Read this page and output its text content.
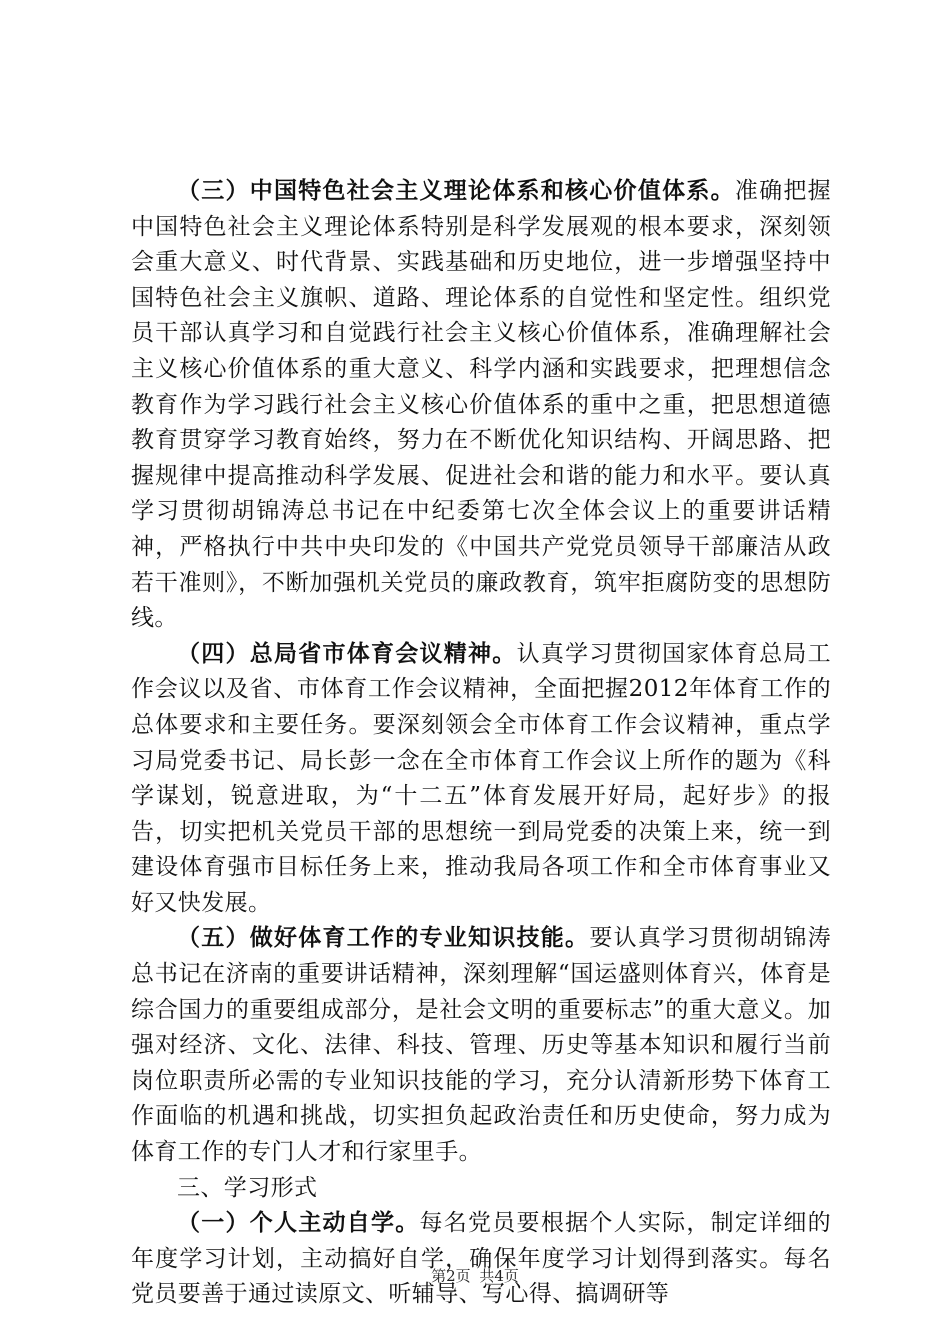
（三）中国特色社会主义理论体系和核心价值体系。准确把握中国特色社会主义理论体系特别是科学发展观的根本要求，深刻领会重大意义、时代背景、实践基础和历史地位，进一步增强坚持中国特色社会主义旗帜、道路、理论体系的自觉性和坚定性。组织党员干部认真学习和自觉践行社会主义核心价值体系，准确理解社会主义核心价值体系的重大意义、科学内涵和实践要求，把理想信念教育作为学习践行社会主义核心价值体系的重中之重，把思想道德教育贯穿学习教育始终，努力在不断优化知识结构、开阔思路、把握规律中提高推动科学发展、促进社会和谐的能力和水平。要认真学习贯彻胡锦涛总书记在中纪委第七次全体会议上的重要讲话精神，严格执行中共中央印发的《中国共产党党员领导干部廉洁从政若干准则》，不断加强机关党员的廉政教育，筑牢拒腐防变的思想防线。

（四）总局省市体育会议精神。认真学习贯彻国家体育总局工作会议以及省、市体育工作会议精神，全面把握2012年体育工作的总体要求和主要任务。要深刻领会全市体育工作会议精神，重点学习局党委书记、局长彭一念在全市体育工作会议上所作的题为《科学谋划，锐意进取，为“十二五”体育发展开好局，起好步》的报告，切实把机关党员干部的思想统一到局党委的决策上来，统一到建设体育强市目标任务上来，推动我局各项工作和全市体育事业又好又快发展。

（五）做好体育工作的专业知识技能。要认真学习贯彻胡锦涛总书记在济南的重要讲话精神，深刻理解“国运盛则体育兴，体育是综合国力的重要组成部分，是社会文明的重要标志”的重大意义。加强对经济、文化、法律、科技、管理、历史等基本知识和履行当前岗位职责所必需的专业知识技能的学习，充分认清新形势下体育工作面临的机遇和挑战，切实担负起政治责任和历史使命，努力成为体育工作的专门人才和行家里手。

三、学习形式

（一）个人主动自学。每名党员要根据个人实际，制定详细的年度学习计划，主动搞好自学，确保年度学习计划得到落实。每名党员要善于通过读原文、听辅导、写心得、搞调研等

第2页 共4页
